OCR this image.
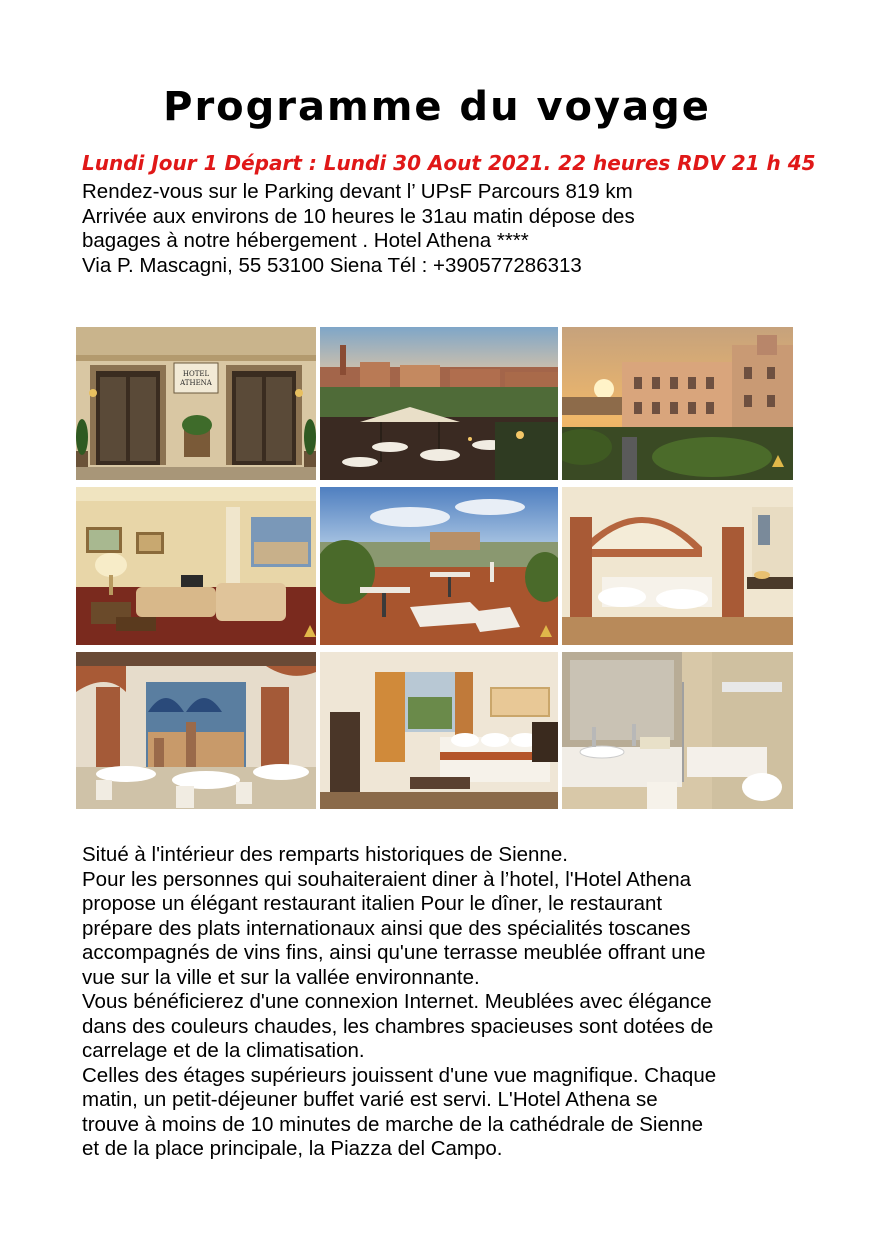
Programme du voyage
Lundi Jour 1 Départ : Lundi 30 Aout 2021. 22 heures RDV 21 h 45
Rendez-vous sur le Parking devant l’ UPsF Parcours 819 km
Arrivée aux environs de 10 heures le 31au matin dépose des
bagages à notre hébergement . Hotel Athena ****
Via P. Mascagni, 55 53100 Siena Tél : +390577286313
HOTEL
ATHENA
Situé à l'intérieur des remparts historiques de Sienne.
Pour les personnes qui souhaiteraient diner à l’hotel, l'Hotel Athena
propose un élégant restaurant italien Pour le dîner, le restaurant
prépare des plats internationaux ainsi que des spécialités toscanes
accompagnés de vins fins, ainsi qu'une terrasse meublée offrant une
vue sur la ville et sur la vallée environnante.
Vous bénéficierez d'une connexion Internet. Meublées avec élégance
dans des couleurs chaudes, les chambres spacieuses sont dotées de
carrelage et de la climatisation.
Celles des étages supérieurs jouissent d'une vue magnifique. Chaque
matin, un petit-déjeuner buffet varié est servi. L'Hotel Athena se
trouve à moins de 10 minutes de marche de la cathédrale de Sienne
et de la place principale, la Piazza del Campo.
